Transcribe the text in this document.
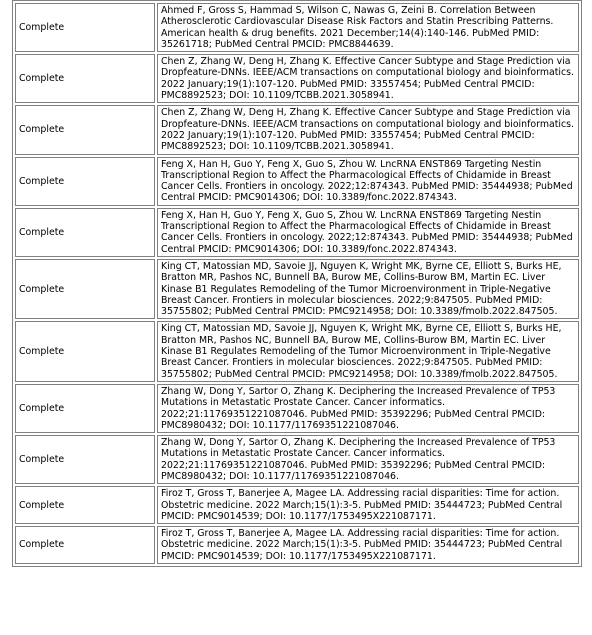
Complete	Ahmed F, Gross S, Hammad S, Wilson C, Nawas G, Zeini B. Correlation Between Atherosclerotic Cardiovascular Disease Risk Factors and Statin Prescribing Patterns. American health & drug benefits. 2021 December;14(4):140-146. PubMed PMID: 35261718; PubMed Central PMCID: PMC8844639.
Complete	Chen Z, Zhang W, Deng H, Zhang K. Effective Cancer Subtype and Stage Prediction via Dropfeature-DNNs. IEEE/ACM transactions on computational biology and bioinformatics. 2022 January;19(1):107-120. PubMed PMID: 33557454; PubMed Central PMCID: PMC8892523; DOI: 10.1109/TCBB.2021.3058941.
Complete	Chen Z, Zhang W, Deng H, Zhang K. Effective Cancer Subtype and Stage Prediction via Dropfeature-DNNs. IEEE/ACM transactions on computational biology and bioinformatics. 2022 January;19(1):107-120. PubMed PMID: 33557454; PubMed Central PMCID: PMC8892523; DOI: 10.1109/TCBB.2021.3058941.
Complete	Feng X, Han H, Guo Y, Feng X, Guo S, Zhou W. LncRNA ENST869 Targeting Nestin Transcriptional Region to Affect the Pharmacological Effects of Chidamide in Breast Cancer Cells. Frontiers in oncology. 2022;12:874343. PubMed PMID: 35444938; PubMed Central PMCID: PMC9014306; DOI: 10.3389/fonc.2022.874343.
Complete	Feng X, Han H, Guo Y, Feng X, Guo S, Zhou W. LncRNA ENST869 Targeting Nestin Transcriptional Region to Affect the Pharmacological Effects of Chidamide in Breast Cancer Cells. Frontiers in oncology. 2022;12:874343. PubMed PMID: 35444938; PubMed Central PMCID: PMC9014306; DOI: 10.3389/fonc.2022.874343.
Complete	King CT, Matossian MD, Savoie JJ, Nguyen K, Wright MK, Byrne CE, Elliott S, Burks HE, Bratton MR, Pashos NC, Bunnell BA, Burow ME, Collins-Burow BM, Martin EC. Liver Kinase B1 Regulates Remodeling of the Tumor Microenvironment in Triple-Negative Breast Cancer. Frontiers in molecular biosciences. 2022;9:847505. PubMed PMID: 35755802; PubMed Central PMCID: PMC9214958; DOI: 10.3389/fmolb.2022.847505.
Complete	King CT, Matossian MD, Savoie JJ, Nguyen K, Wright MK, Byrne CE, Elliott S, Burks HE, Bratton MR, Pashos NC, Bunnell BA, Burow ME, Collins-Burow BM, Martin EC. Liver Kinase B1 Regulates Remodeling of the Tumor Microenvironment in Triple-Negative Breast Cancer. Frontiers in molecular biosciences. 2022;9:847505. PubMed PMID: 35755802; PubMed Central PMCID: PMC9214958; DOI: 10.3389/fmolb.2022.847505.
Complete	Zhang W, Dong Y, Sartor O, Zhang K. Deciphering the Increased Prevalence of TP53 Mutations in Metastatic Prostate Cancer. Cancer informatics. 2022;21:11769351221087046. PubMed PMID: 35392296; PubMed Central PMCID: PMC8980432; DOI: 10.1177/11769351221087046.
Complete	Zhang W, Dong Y, Sartor O, Zhang K. Deciphering the Increased Prevalence of TP53 Mutations in Metastatic Prostate Cancer. Cancer informatics. 2022;21:11769351221087046. PubMed PMID: 35392296; PubMed Central PMCID: PMC8980432; DOI: 10.1177/11769351221087046.
Complete	Firoz T, Gross T, Banerjee A, Magee LA. Addressing racial disparities: Time for action. Obstetric medicine. 2022 March;15(1):3-5. PubMed PMID: 35444723; PubMed Central PMCID: PMC9014539; DOI: 10.1177/1753495X221087171.
Complete	Firoz T, Gross T, Banerjee A, Magee LA. Addressing racial disparities: Time for action. Obstetric medicine. 2022 March;15(1):3-5. PubMed PMID: 35444723; PubMed Central PMCID: PMC9014539; DOI: 10.1177/1753495X221087171.
